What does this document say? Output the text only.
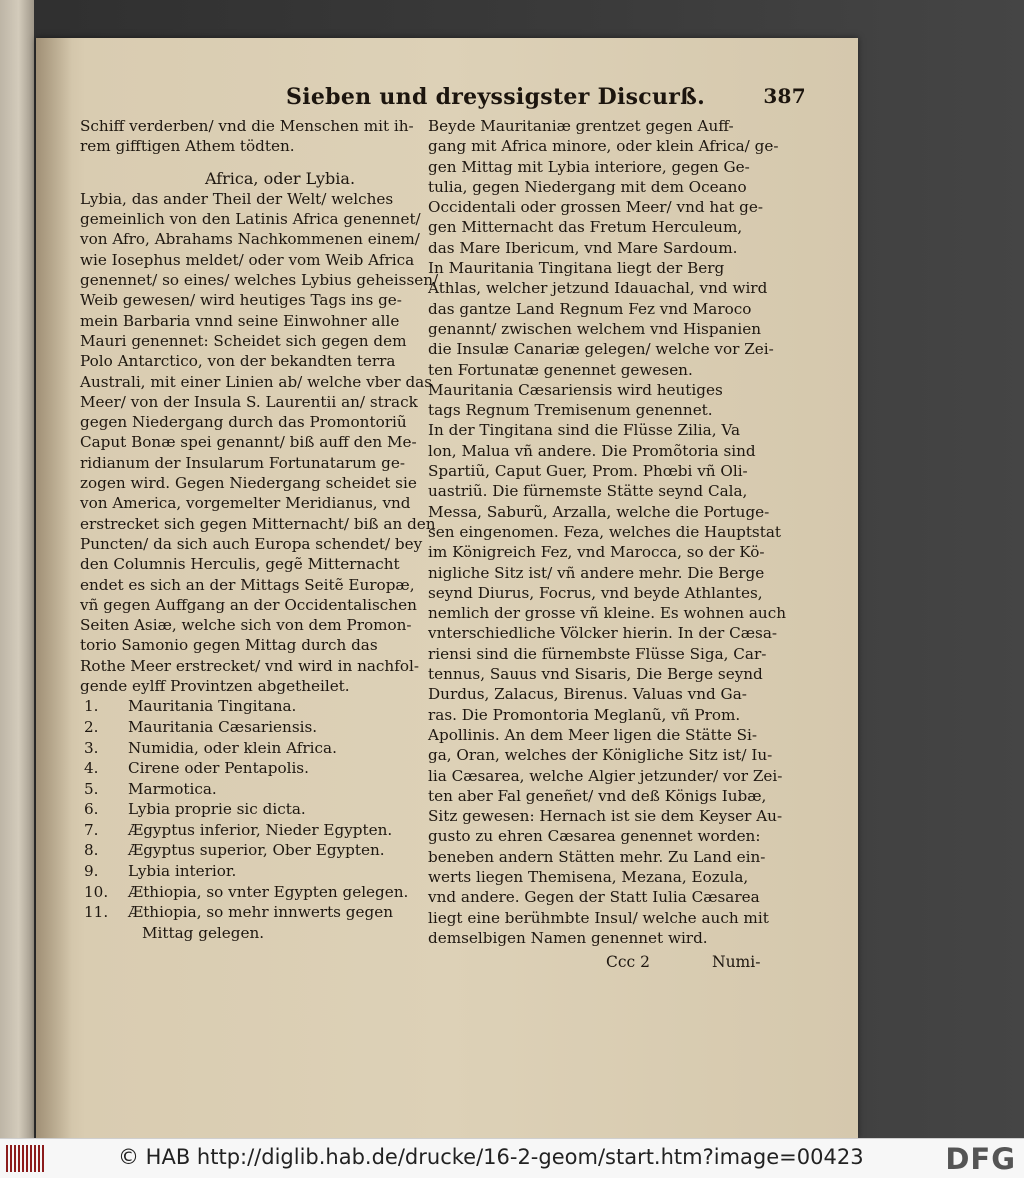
Sieben und dreyssigster Discurß.	387
Schiff verderben/ vnd die Menschen mit ih-
rem gifftigen Athem tödten.
Africa, oder Lybia.
Lybia, das ander Theil der Welt/ welches
gemeinlich von den Latinis Africa genennet/
von Afro, Abrahams Nachkommenen einem/
wie Iosephus meldet/ oder vom Weib Africa
genennet/ so eines/ welches Lybius geheissen/
Weib gewesen/ wird heutiges Tags ins ge-
mein Barbaria vnnd seine Einwohner alle
Mauri genennet: Scheidet sich gegen dem
Polo Antarctico, von der bekandten terra
Australi, mit einer Linien ab/ welche vber das
Meer/ von der Insula S. Laurentii an/ strack
gegen Niedergang durch das Promontoriũ
Caput Bonæ spei genannt/ biß auff den Me-
ridianum der Insularum Fortunatarum ge-
zogen wird. Gegen Niedergang scheidet sie
von America, vorgemelter Meridianus, vnd
erstrecket sich gegen Mitternacht/ biß an den
Puncten/ da sich auch Europa schendet/ bey
den Columnis Herculis, gegẽ Mitternacht
endet es sich an der Mittags Seitẽ Europæ,
vñ gegen Auffgang an der Occidentalischen
Seiten Asiæ, welche sich von dem Promon-
torio Samonio gegen Mittag durch das
Rothe Meer erstrecket/ vnd wird in nachfol-
gende eylff Provintzen abgetheilet.
1. Mauritania Tingitana.
2. Mauritania Cæsariensis.
3. Numidia, oder klein Africa.
4. Cirene oder Pentapolis.
5. Marmotica.
6. Lybia proprie sic dicta.
7. Ægyptus inferior, Nieder Egypten.
8. Ægyptus superior, Ober Egypten.
9. Lybia interior.
10. Æthiopia, so vnter Egypten gelegen.
11. Æthiopia, so mehr innwerts gegen
Mittag gelegen.
Beyde Mauritaniæ grentzet gegen Auff-
gang mit Africa minore, oder klein Africa/ ge-
gen Mittag mit Lybia interiore, gegen Ge-
tulia, gegen Niedergang mit dem Oceano
Occidentali oder grossen Meer/ vnd hat ge-
gen Mitternacht das Fretum Herculeum,
das Mare Ibericum, vnd Mare Sardoum.
In Mauritania Tingitana liegt der Berg
Athlas, welcher jetzund Idauachal, vnd wird
das gantze Land Regnum Fez vnd Maroco
genannt/ zwischen welchem vnd Hispanien
die Insulæ Canariæ gelegen/ welche vor Zei-
ten Fortunatæ genennet gewesen.
Mauritania Cæsariensis wird heutiges
tags Regnum Tremisenum genennet.
In der Tingitana sind die Flüsse Zilia, Va
lon, Malua vñ andere. Die Promõtoria sind
Spartiũ, Caput Guer, Prom. Phœbi vñ Oli-
uastriũ. Die fürnemste Stätte seynd Cala,
Messa, Saburũ, Arzalla, welche die Portuge-
sen eingenomen. Feza, welches die Hauptstat
im Königreich Fez, vnd Marocca, so der Kö-
nigliche Sitz ist/ vñ andere mehr. Die Berge
seynd Diurus, Focrus, vnd beyde Athlantes,
nemlich der grosse vñ kleine. Es wohnen auch
vnterschiedliche Völcker hierin. In der Cæsa-
riensi sind die fürnembste Flüsse Siga, Car-
tennus, Sauus vnd Sisaris, Die Berge seynd
Durdus, Zalacus, Birenus. Valuas vnd Ga-
ras. Die Promontoria Meglanũ, vñ Prom.
Apollinis. An dem Meer ligen die Stätte Si-
ga, Oran, welches der Königliche Sitz ist/ Iu-
lia Cæsarea, welche Algier jetzunder/ vor Zei-
ten aber Fal geneñet/ vnd deß Königs Iubæ,
Sitz gewesen: Hernach ist sie dem Keyser Au-
gusto zu ehren Cæsarea genennet worden:
beneben andern Stätten mehr. Zu Land ein-
werts liegen Themisena, Mezana, Eozula,
vnd andere. Gegen der Statt Iulia Cæsarea
liegt eine berühmbte Insul/ welche auch mit
demselbigen Namen genennet wird.
Ccc 2	Numi-
© HAB http://diglib.hab.de/drucke/16-2-geom/start.htm?image=00423	DFG
